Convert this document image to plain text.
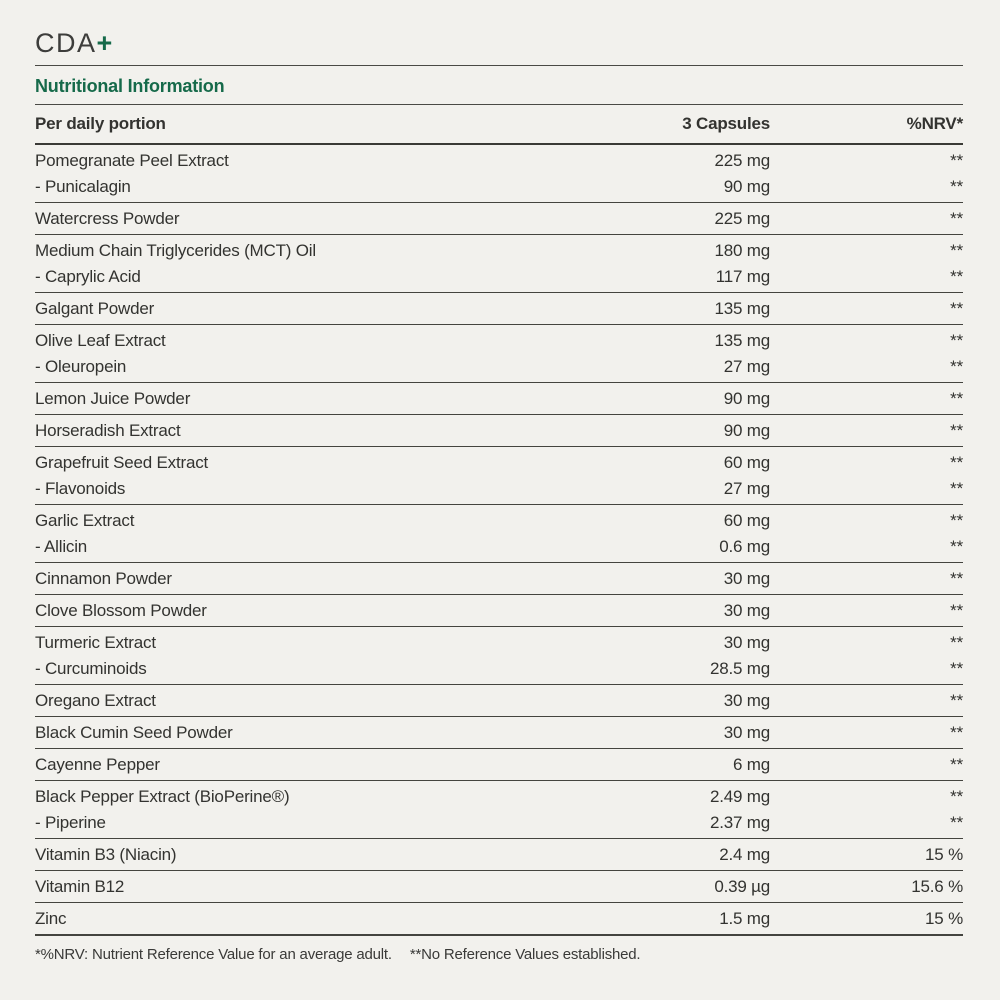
CDA+
Nutritional Information
Per daily portion	3 Capsules	%NRV*
Pomegranate Peel Extract	225 mg	**
- Punicalagin	90 mg	**
Watercress Powder	225 mg	**
Medium Chain Triglycerides (MCT) Oil	180 mg	**
- Caprylic Acid	117 mg	**
Galgant Powder	135 mg	**
Olive Leaf Extract	135 mg	**
- Oleuropein	27 mg	**
Lemon Juice Powder	90 mg	**
Horseradish Extract	90 mg	**
Grapefruit Seed Extract	60 mg	**
- Flavonoids	27 mg	**
Garlic Extract	60 mg	**
- Allicin	0.6 mg	**
Cinnamon Powder	30 mg	**
Clove Blossom Powder	30 mg	**
Turmeric Extract	30 mg	**
- Curcuminoids	28.5 mg	**
Oregano Extract	30 mg	**
Black Cumin Seed Powder	30 mg	**
Cayenne Pepper	6 mg	**
Black Pepper Extract (BioPerine®)	2.49 mg	**
- Piperine	2.37 mg	**
Vitamin B3 (Niacin)	2.4 mg	15 %
Vitamin B12	0.39 µg	15.6 %
Zinc	1.5 mg	15 %
*%NRV: Nutrient Reference Value for an average adult. **No Reference Values established.
